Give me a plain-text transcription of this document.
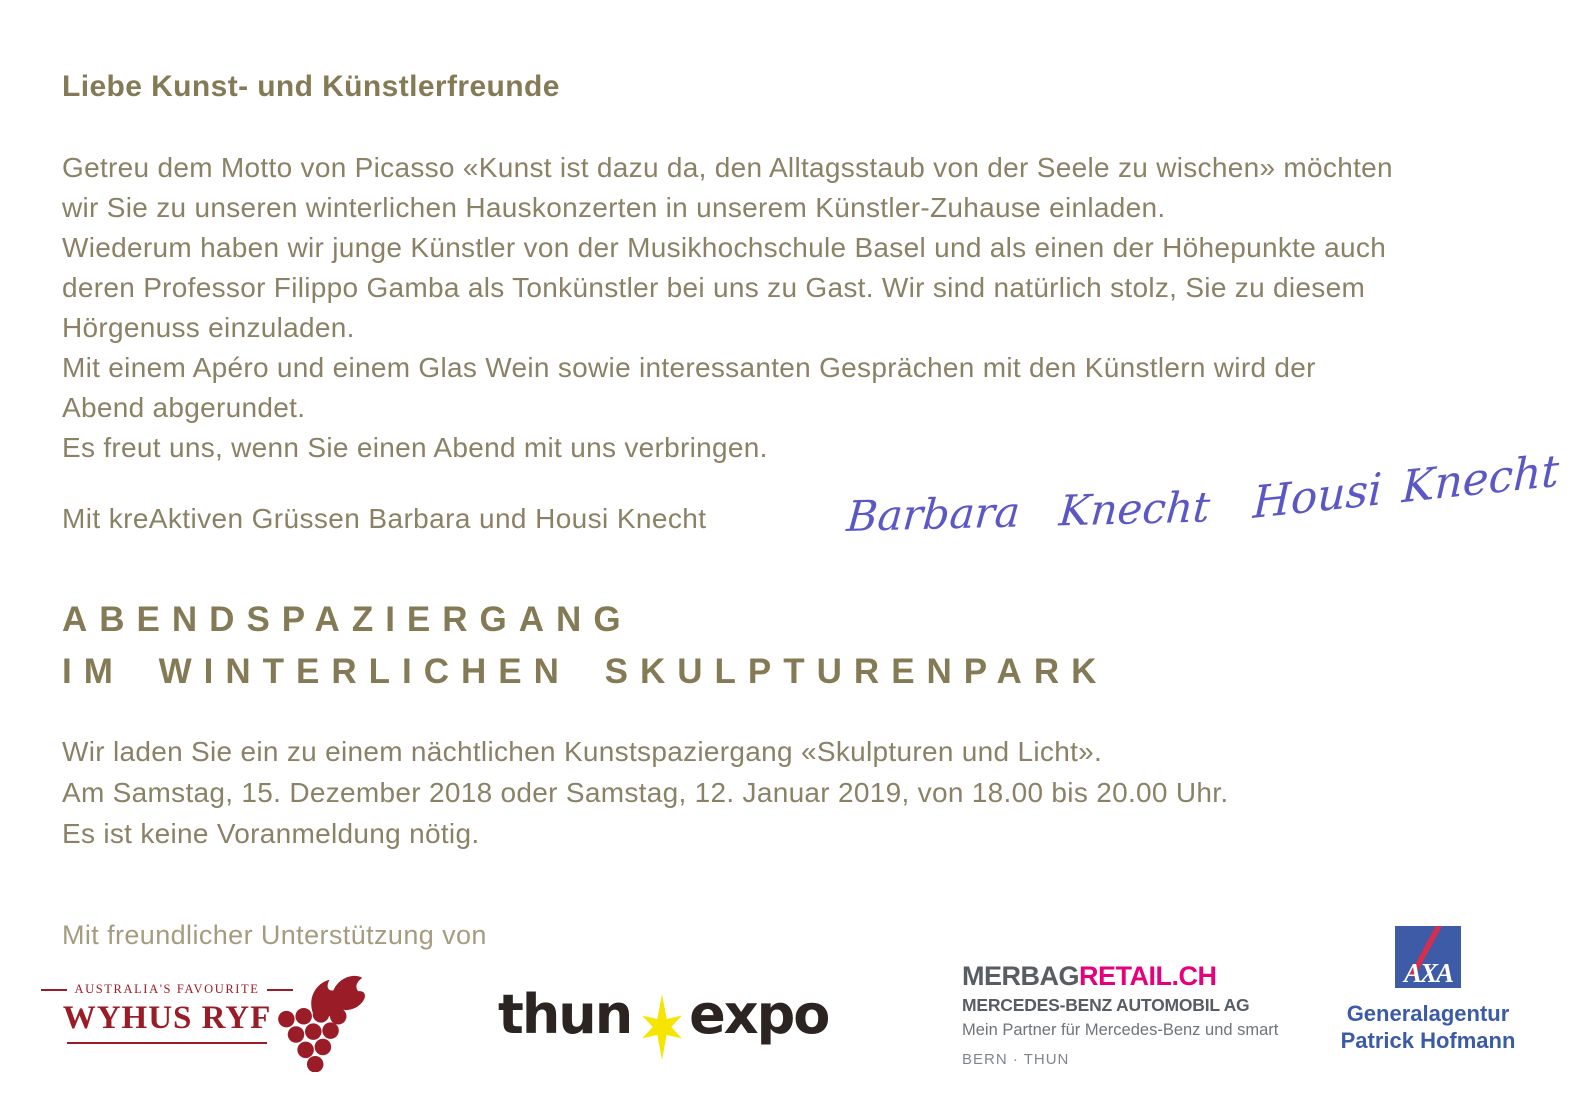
Liebe Kunst- und Künstlerfreunde
Getreu dem Motto von Picasso «Kunst ist dazu da, den Alltagsstaub von der Seele zu wischen» möchten
wir Sie zu unseren winterlichen Hauskonzerten in unserem Künstler-Zuhause einladen.
Wiederum haben wir junge Künstler von der Musikhochschule Basel und als einen der Höhepunkte auch
deren Professor Filippo Gamba als Tonkünstler bei uns zu Gast. Wir sind natürlich stolz, Sie zu diesem
Hörgenuss einzuladen.
Mit einem Apéro und einem Glas Wein sowie interessanten Gesprächen mit den Künstlern wird der
Abend abgerundet.
Es freut uns, wenn Sie einen Abend mit uns verbringen.
Mit kreAktiven Grüssen Barbara und Housi Knecht	Barbara Knecht Housi Knecht
ABENDSPAZIERGANG
IM WINTERLICHEN SKULPTURENPARK
Wir laden Sie ein zu einem nächtlichen Kunstspaziergang «Skulpturen und Licht».
Am Samstag, 15. Dezember 2018 oder Samstag, 12. Januar 2019, von 18.00 bis 20.00 Uhr.
Es ist keine Voranmeldung nötig.
Mit freundlicher Unterstützung von
AUSTRALIA'S FAVOURITE
WYHUS RYF	thun expo
MERBAGRETAIL.CH
MERCEDES-BENZ AUTOMOBIL AG
Mein Partner für Mercedes-Benz und smart
BERN · THUN
AXA
Generalagentur
Patrick Hofmann
